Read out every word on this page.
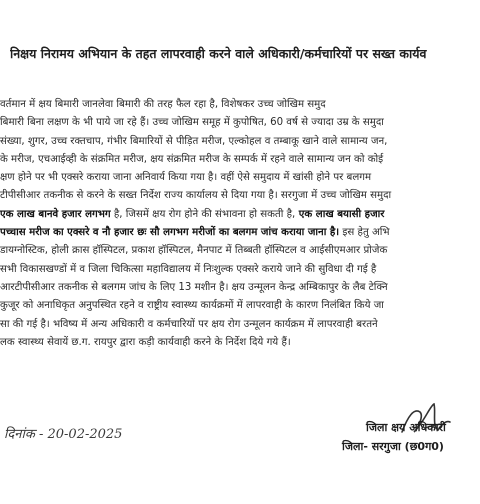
निक्षय निरामय अभियान के तहत लापरवाही करने वाले अधिकारी/कर्मचारियों पर सख्त कार्यव
वर्तमान में क्षय बिमारी जानलेवा बिमारी की तरह फैल रहा है, विशेषकर उच्च जोखिम समुद
बिमारी बिना लक्षण के भी पाये जा रहे हैं। उच्च जोखिम समूह में कुपोषित, 60 वर्ष से ज्यादा उम्र के समुदा
संख्या, शुगर, उच्च रक्तचाप, गंभीर बिमारियों से पीड़ित मरीज, एल्कोहल व तम्बाकू खाने वाले सामान्य जन,
के मरीज, एचआईव्ही के संक्रमित मरीज, क्षय संक्रमित मरीज के सम्पर्क में रहने वाले सामान्य जन को कोई
क्षण होने पर भी एक्सरे कराया जाना अनिवार्य किया गया है। वहीं ऐसे समुदाय में खांसी होने पर बलगम
टीपीसीआर तकनीक से करने के सख्त निर्देश राज्य कार्यालय से दिया गया है। सरगुजा में उच्च जोखिम समुदा
एक लाख बानवे हजार लगभग है, जिसमें क्षय रोग होने की संभावना हो सकती है, एक लाख बयासी हजार
पच्चास मरीज का एक्सरे व नौ हजार छः सौ लगभग मरीजों का बलगम जांच कराया जाना है। इस हेतु अभि
डायग्नोस्टिक, होली क्रास हॉस्पिटल, प्रकाश हॉस्पिटल, मैनपाट में तिब्बती हॉस्पिटल व आईसीएमआर प्रोजेक
सभी विकासखण्डों में व जिला चिकित्सा महाविद्यालय में निःशुल्क एक्सरे कराये जाने की सुविधा दी गई है
आरटीपीसीआर तकनीक से बलगम जांच के लिए 13 मशीन है। क्षय उन्मूलन केन्द्र अम्बिकापुर के लैब टेक्नि
कुजूर को अनाधिकृत अनुपस्थित रहने व राष्ट्रीय स्वास्थ्य कार्यक्रमों में लापरवाही के कारण निलंबित किये जा
सा की गई है। भविष्य में अन्य अधिकारी व कर्मचारियों पर क्षय रोग उन्मूलन कार्यक्रम में लापरवाही बरतने
लक स्वास्थ्य सेवायें छ.ग. रायपुर द्वारा कड़ी कार्यवाही करने के निर्देश दिये गये हैं।
दिनांक - 20-02-2025	जिला क्षय अधिकारी
जिला- सरगुजा (छ0ग0)
